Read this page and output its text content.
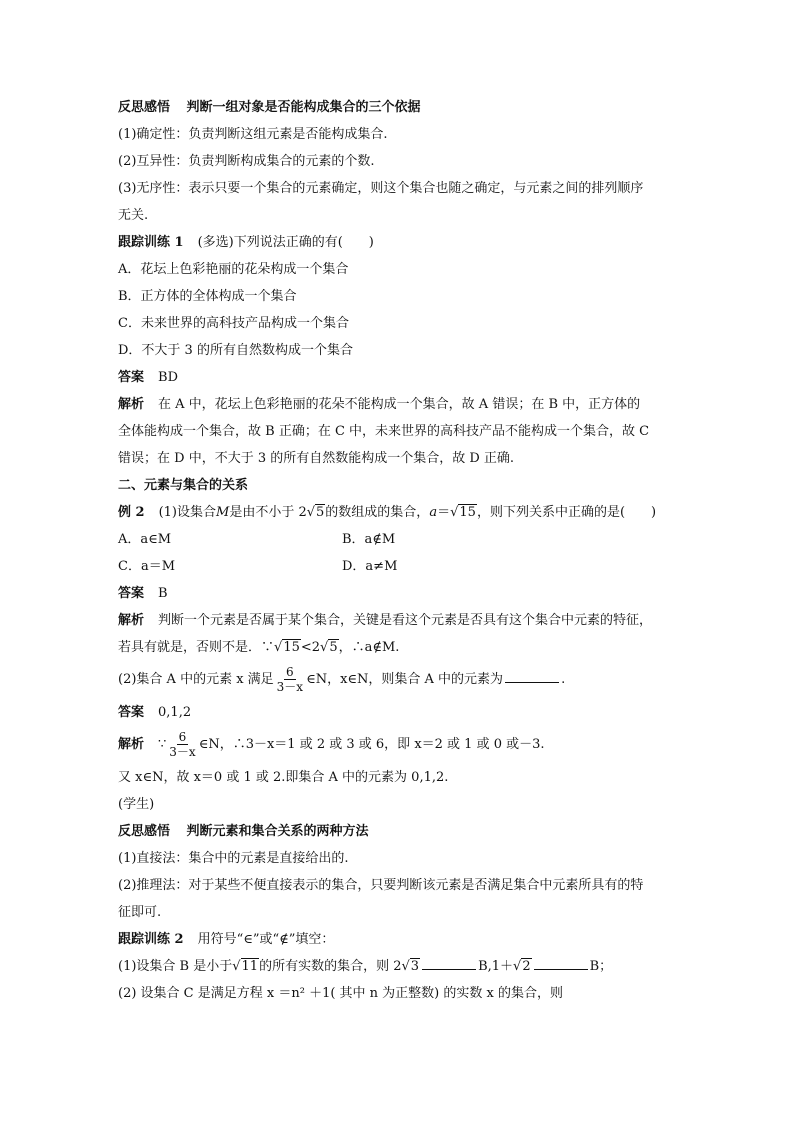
反思感悟 判断一组对象是否能构成集合的三个依据
(1)确定性：负责判断这组元素是否能构成集合.
(2)互异性：负责判断构成集合的元素的个数.
(3)无序性：表示只要一个集合的元素确定，则这个集合也随之确定，与元素之间的排列顺序
无关.
跟踪训练 1 (多选)下列说法正确的有(　　)
A．花坛上色彩艳丽的花朵构成一个集合
B．正方体的全体构成一个集合
C．未来世界的高科技产品构成一个集合
D．不大于 3 的所有自然数构成一个集合
答案 BD
解析 在 A 中，花坛上色彩艳丽的花朵不能构成一个集合，故 A 错误；在 B 中，正方体的
全体能构成一个集合，故 B 正确；在 C 中，未来世界的高科技产品不能构成一个集合，故 C
错误；在 D 中，不大于 3 的所有自然数能构成一个集合，故 D 正确.
二、元素与集合的关系
例 2 (1)设集合M是由不小于 2√5的数组成的集合，a＝√15，则下列关系中正确的是(　　)
A．a∈M	B．a∉M
C．a＝M	D．a≠M
答案 B
解析 判断一个元素是否属于某个集合，关键是看这个元素是否具有这个集合中元素的特征，
若具有就是，否则不是．∵√15<2√5，∴a∉M.
(2)集合 A 中的元素 x 满足 $\frac{6}{3-x}$ ∈N，x∈N，则集合 A 中的元素为	.
答案 0,1,2
解析 ∵ $\frac{6}{3-x}$ ∈N，∴3－x＝1 或 2 或 3 或 6，即 x＝2 或 1 或 0 或－3.
又 x∈N，故 x＝0 或 1 或 2.即集合 A 中的元素为 0,1,2.
(学生)
反思感悟 判断元素和集合关系的两种方法
(1)直接法：集合中的元素是直接给出的.
(2)推理法：对于某些不便直接表示的集合，只要判断该元素是否满足集合中元素所具有的特
征即可.
跟踪训练 2 用符号“∈”或“∉”填空：
(1)设集合 B 是小于√11的所有实数的集合，则 2√3	B,1＋√2	B；
(2) 设集合 C 是满足方程 x ＝n² ＋1( 其中 n 为正整数) 的实数 x 的集合，则
